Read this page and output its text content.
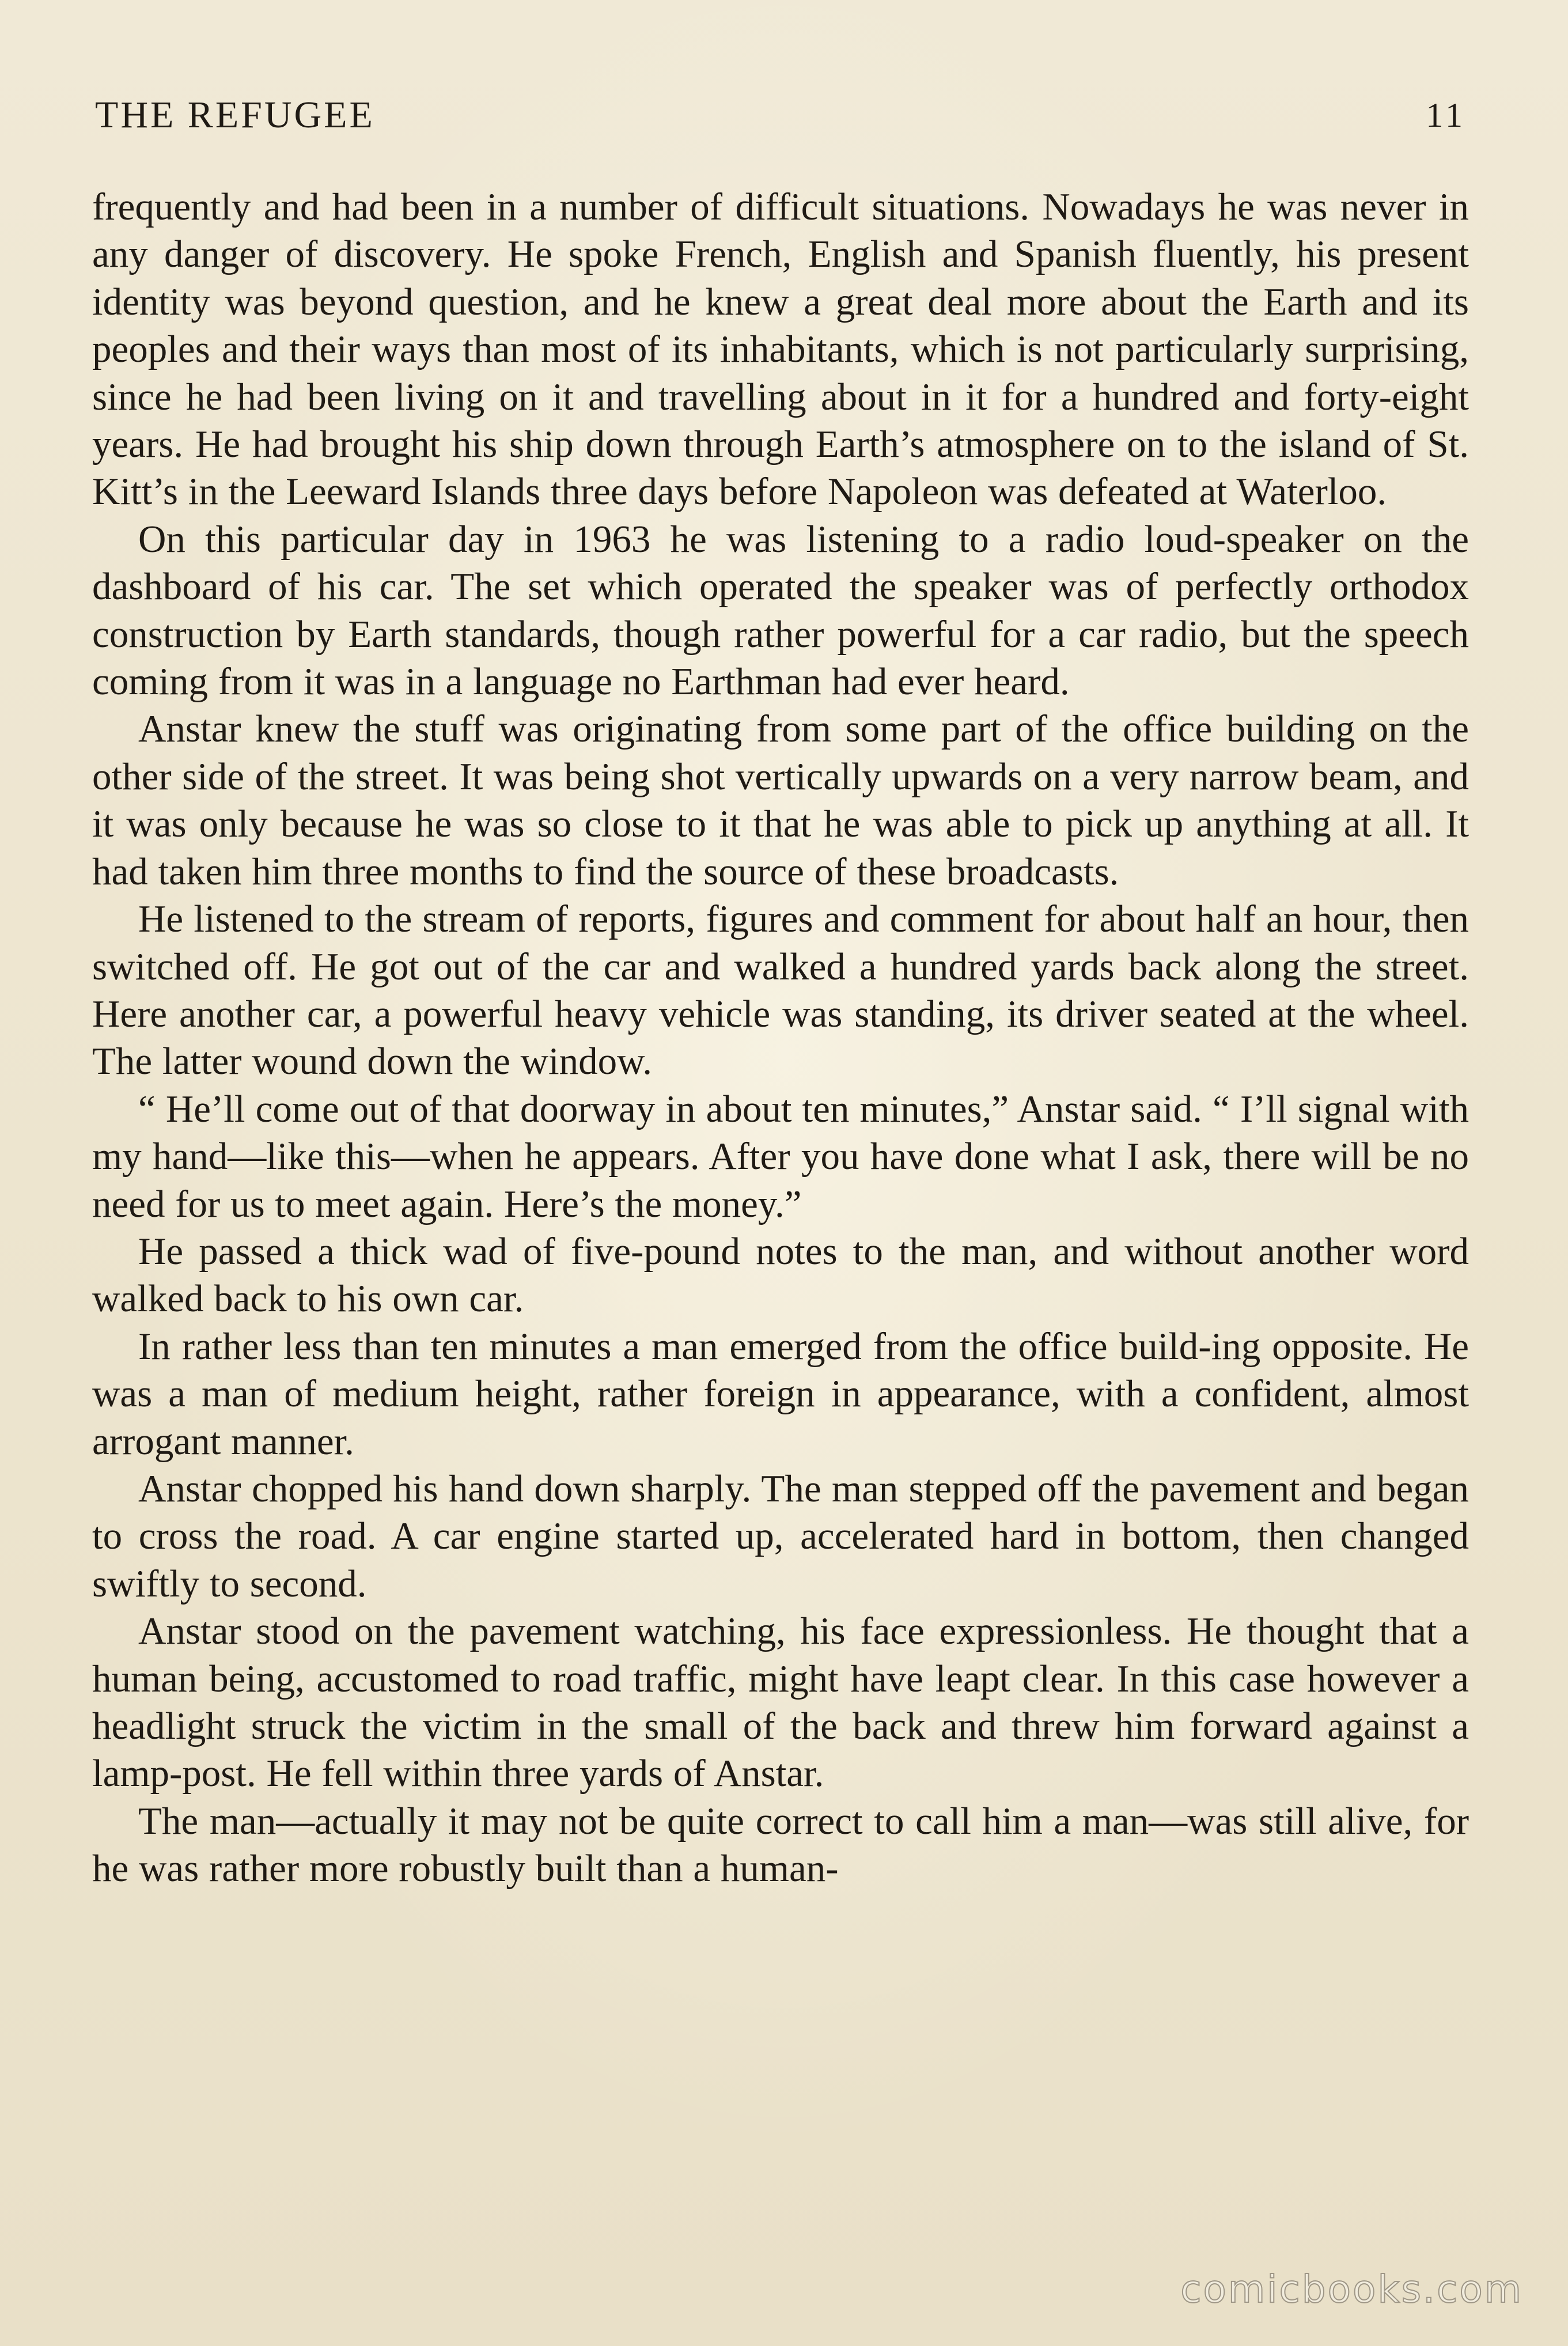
THE REFUGEE	11

frequently and had been in a number of difficult situations. Nowadays he was never in any danger of discovery. He spoke French, English and Spanish fluently, his present identity was beyond question, and he knew a great deal more about the Earth and its peoples and their ways than most of its inhabitants, which is not particularly surprising, since he had been living on it and travelling about in it for a hundred and forty-eight years. He had brought his ship down through Earth’s atmosphere on to the island of St. Kitt’s in the Leeward Islands three days before Napoleon was defeated at Waterloo.

On this particular day in 1963 he was listening to a radio loud-speaker on the dashboard of his car. The set which operated the speaker was of perfectly orthodox construction by Earth standards, though rather powerful for a car radio, but the speech coming from it was in a language no Earthman had ever heard.

Anstar knew the stuff was originating from some part of the office building on the other side of the street. It was being shot vertically upwards on a very narrow beam, and it was only because he was so close to it that he was able to pick up anything at all. It had taken him three months to find the source of these broadcasts.

He listened to the stream of reports, figures and comment for about half an hour, then switched off. He got out of the car and walked a hundred yards back along the street. Here another car, a powerful heavy vehicle was standing, its driver seated at the wheel. The latter wound down the window.

“ He’ll come out of that doorway in about ten minutes,” Anstar said. “ I’ll signal with my hand—like this—when he appears. After you have done what I ask, there will be no need for us to meet again. Here’s the money.”

He passed a thick wad of five-pound notes to the man, and without another word walked back to his own car.

In rather less than ten minutes a man emerged from the office build-ing opposite. He was a man of medium height, rather foreign in appearance, with a confident, almost arrogant manner.

Anstar chopped his hand down sharply. The man stepped off the pavement and began to cross the road. A car engine started up, accelerated hard in bottom, then changed swiftly to second.

Anstar stood on the pavement watching, his face expressionless. He thought that a human being, accustomed to road traffic, might have leapt clear. In this case however a headlight struck the victim in the small of the back and threw him forward against a lamp-post. He fell within three yards of Anstar.

The man—actually it may not be quite correct to call him a man—was still alive, for he was rather more robustly built than a human-

comicbooks.com
